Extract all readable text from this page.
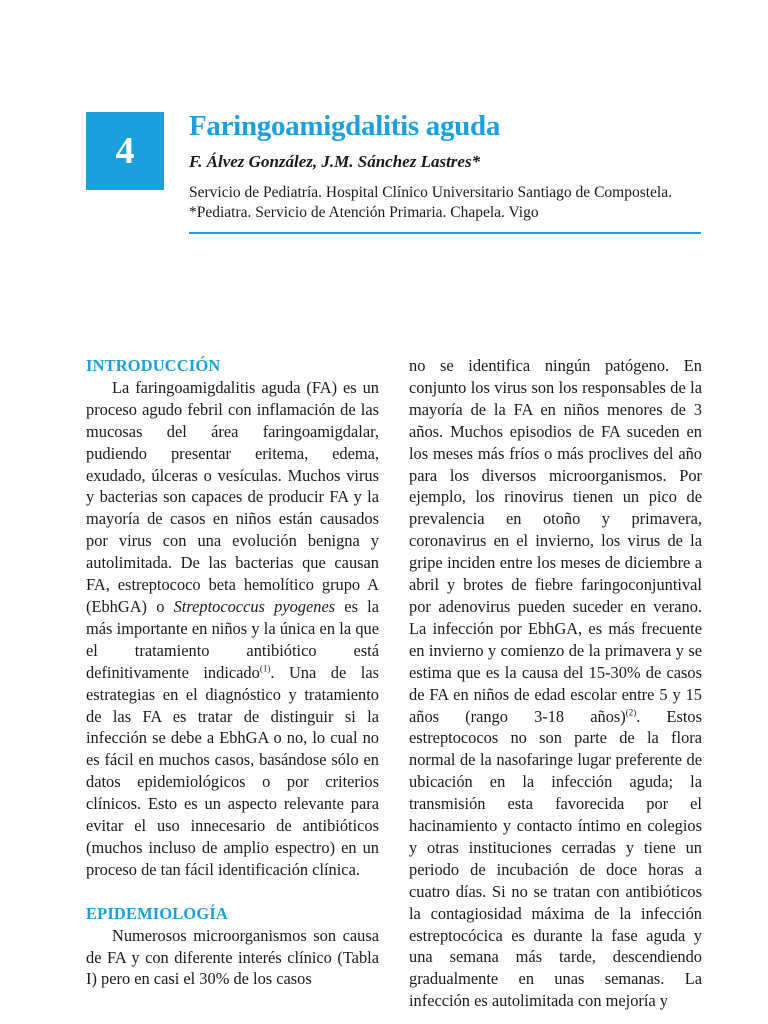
4
Faringoamigdalitis aguda

F. Álvez González, J.M. Sánchez Lastres*

Servicio de Pediatría. Hospital Clínico Universitario Santiago de Compostela. *Pediatra. Servicio de Atención Primaria. Chapela. Vigo

INTRODUCCIÓN

La faringoamigdalitis aguda (FA) es un proceso agudo febril con inflamación de las mucosas del área faringoamigdalar, pudiendo presentar eritema, edema, exudado, úlceras o vesículas. Muchos virus y bacterias son capaces de producir FA y la mayoría de casos en niños están causados por virus con una evolución benigna y autolimitada. De las bacterias que causan FA, estreptococo beta hemolítico grupo A (EbhGA) o Streptococcus pyogenes es la más importante en niños y la única en la que el tratamiento antibiótico está definitivamente indicado$^{(1)}$. Una de las estrategias en el diagnóstico y tratamiento de las FA es tratar de distinguir si la infección se debe a EbhGA o no, lo cual no es fácil en muchos casos, basándose sólo en datos epidemiológicos o por criterios clínicos. Esto es un aspecto relevante para evitar el uso innecesario de antibióticos (muchos incluso de amplio espectro) en un proceso de tan fácil identificación clínica.

EPIDEMIOLOGÍA

Numerosos microorganismos son causa de FA y con diferente interés clínico (Tabla I) pero en casi el 30% de los casos

no se identifica ningún patógeno. En conjunto los virus son los responsables de la mayoría de la FA en niños menores de 3 años. Muchos episodios de FA suceden en los meses más fríos o más proclives del año para los diversos microorganismos. Por ejemplo, los rinovirus tienen un pico de prevalencia en otoño y primavera, coronavirus en el invierno, los virus de la gripe inciden entre los meses de diciembre a abril y brotes de fiebre faringoconjuntival por adenovirus pueden suceder en verano. La infección por EbhGA, es más frecuente en invierno y comienzo de la primavera y se estima que es la causa del 15-30% de casos de FA en niños de edad escolar entre 5 y 15 años (rango 3-18 años)$^{(2)}$. Estos estreptococos no son parte de la flora normal de la nasofaringe lugar preferente de ubicación en la infección aguda; la transmisión esta favorecida por el hacinamiento y contacto íntimo en colegios y otras instituciones cerradas y tiene un periodo de incubación de doce horas a cuatro días. Si no se tratan con antibióticos la contagiosidad máxima de la infección estreptocócica es durante la fase aguda y una semana más tarde, descendiendo gradualmente en unas semanas. La infección es autolimitada con mejoría y
